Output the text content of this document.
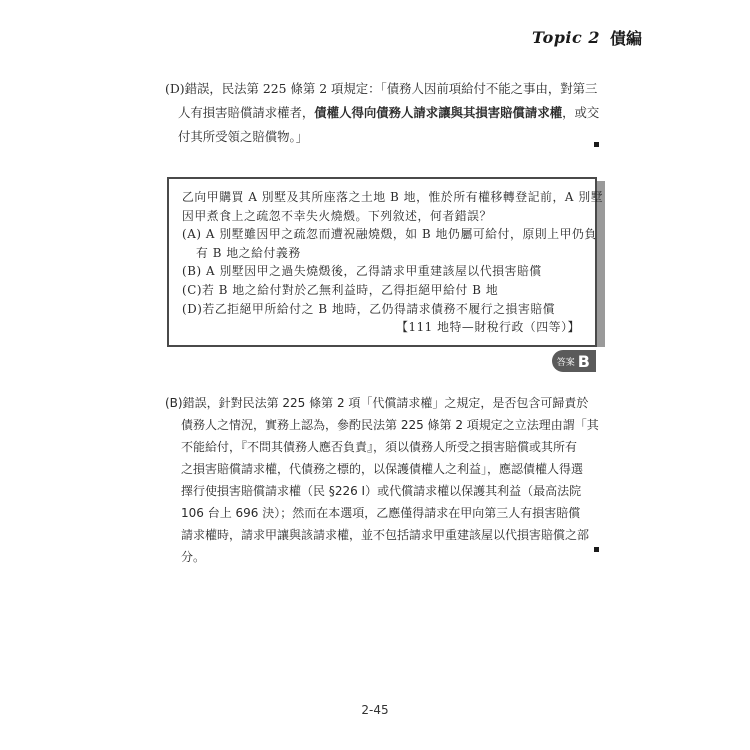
Topic 2 債編
(D)錯誤，民法第 225 條第 2 項規定：「債務人因前項給付不能之事由，對第三
人有損害賠償請求權者，債權人得向債務人請求讓與其損害賠償請求權，或交
付其所受領之賠償物。」
乙向甲購買 A 別墅及其所座落之土地 B 地，惟於所有權移轉登記前，A 別墅
因甲煮食上之疏忽不幸失火燒燬。下列敘述，何者錯誤？
(A) A 別墅雖因甲之疏忽而遭祝融燒燬，如 B 地仍屬可給付，原則上甲仍負
有 B 地之給付義務
(B) A 別墅因甲之過失燒燬後，乙得請求甲重建該屋以代損害賠償
(C)若 B 地之給付對於乙無利益時，乙得拒絕甲給付 B 地
(D)若乙拒絕甲所給付之 B 地時，乙仍得請求債務不履行之損害賠償
【111 地特—財稅行政（四等）】
答案 B
(B)錯誤，針對民法第 225 條第 2 項「代償請求權」之規定，是否包含可歸責於
債務人之情況，實務上認為，參酌民法第 225 條第 2 項規定之立法理由謂「其
不能給付，『不問其債務人應否負責』，須以債務人所受之損害賠償或其所有
之損害賠償請求權，代債務之標的，以保護債權人之利益」，應認債權人得選
擇行使損害賠償請求權（民 §226 Ⅰ）或代償請求權以保護其利益（最高法院
106 台上 696 決）；然而在本選項，乙應僅得請求在甲向第三人有損害賠償
請求權時，請求甲讓與該請求權，並不包括請求甲重建該屋以代損害賠償之部
分。
2-45
